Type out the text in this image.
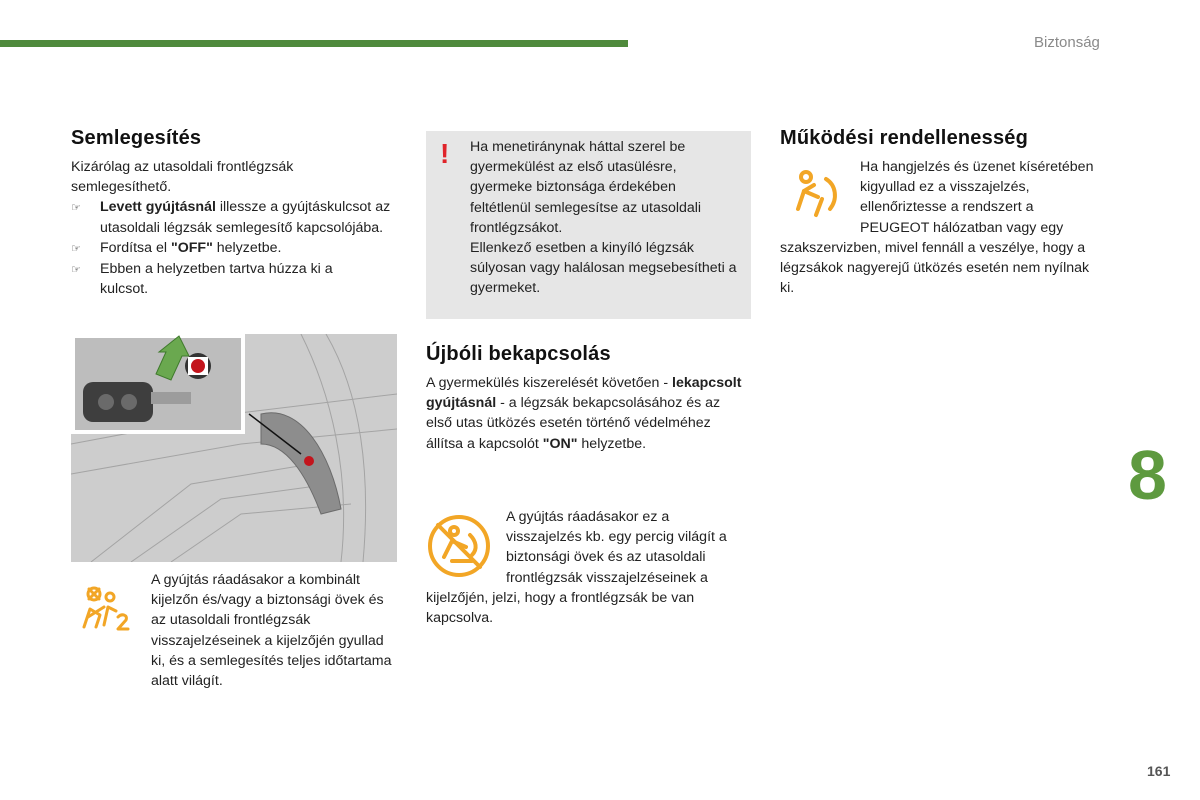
Biztonság
Semlegesítés

Kizárólag az utasoldali frontlégzsák semlegesíthető.

☞	Levett gyújtásnál illessze a gyújtáskulcsot az utasoldali légzsák semlegesítő kapcsolójába.
☞	Fordítsa el "OFF" helyzetbe.
☞	Ebben a helyzetben tartva húzza ki a kulcsot.
A gyújtás ráadásakor a kombinált kijelzőn és/vagy a biztonsági övek és az utasoldali frontlégzsák visszajelzéseinek a kijelzőjén gyullad ki, és a semlegesítés teljes időtartama alatt világít.
! Ha menetiránynak háttal szerel be gyermekülést az első utasülésre, gyermeke biztonsága érdekében feltétlenül semlegesítse az utasoldali frontlégzsákot.

Ellenkező esetben a kinyíló légzsák súlyosan vagy halálosan megsebesítheti a gyermeket.

Újbóli bekapcsolás
A gyermekülés kiszerelését követően - lekapcsolt gyújtásnál - a légzsák bekapcsolásához és az első utas ütközés esetén történő védelméhez állítsa a kapcsolót "ON" helyzetbe.
A gyújtás ráadásakor ez a visszajelzés kb. egy percig világít a biztonsági övek és az utasoldali frontlégzsák visszajelzéseinek a kijelzőjén, jelzi, hogy a frontlégzsák be van kapcsolva.
Működési rendellenesség
Ha hangjelzés és üzenet kíséretében kigyullad ez a visszajelzés, ellenőriztesse a rendszert a PEUGEOT hálózatban vagy egy szakszervizben, mivel fennáll a veszélye, hogy a légzsákok nagyerejű ütközés esetén nem nyílnak ki.
8
161
